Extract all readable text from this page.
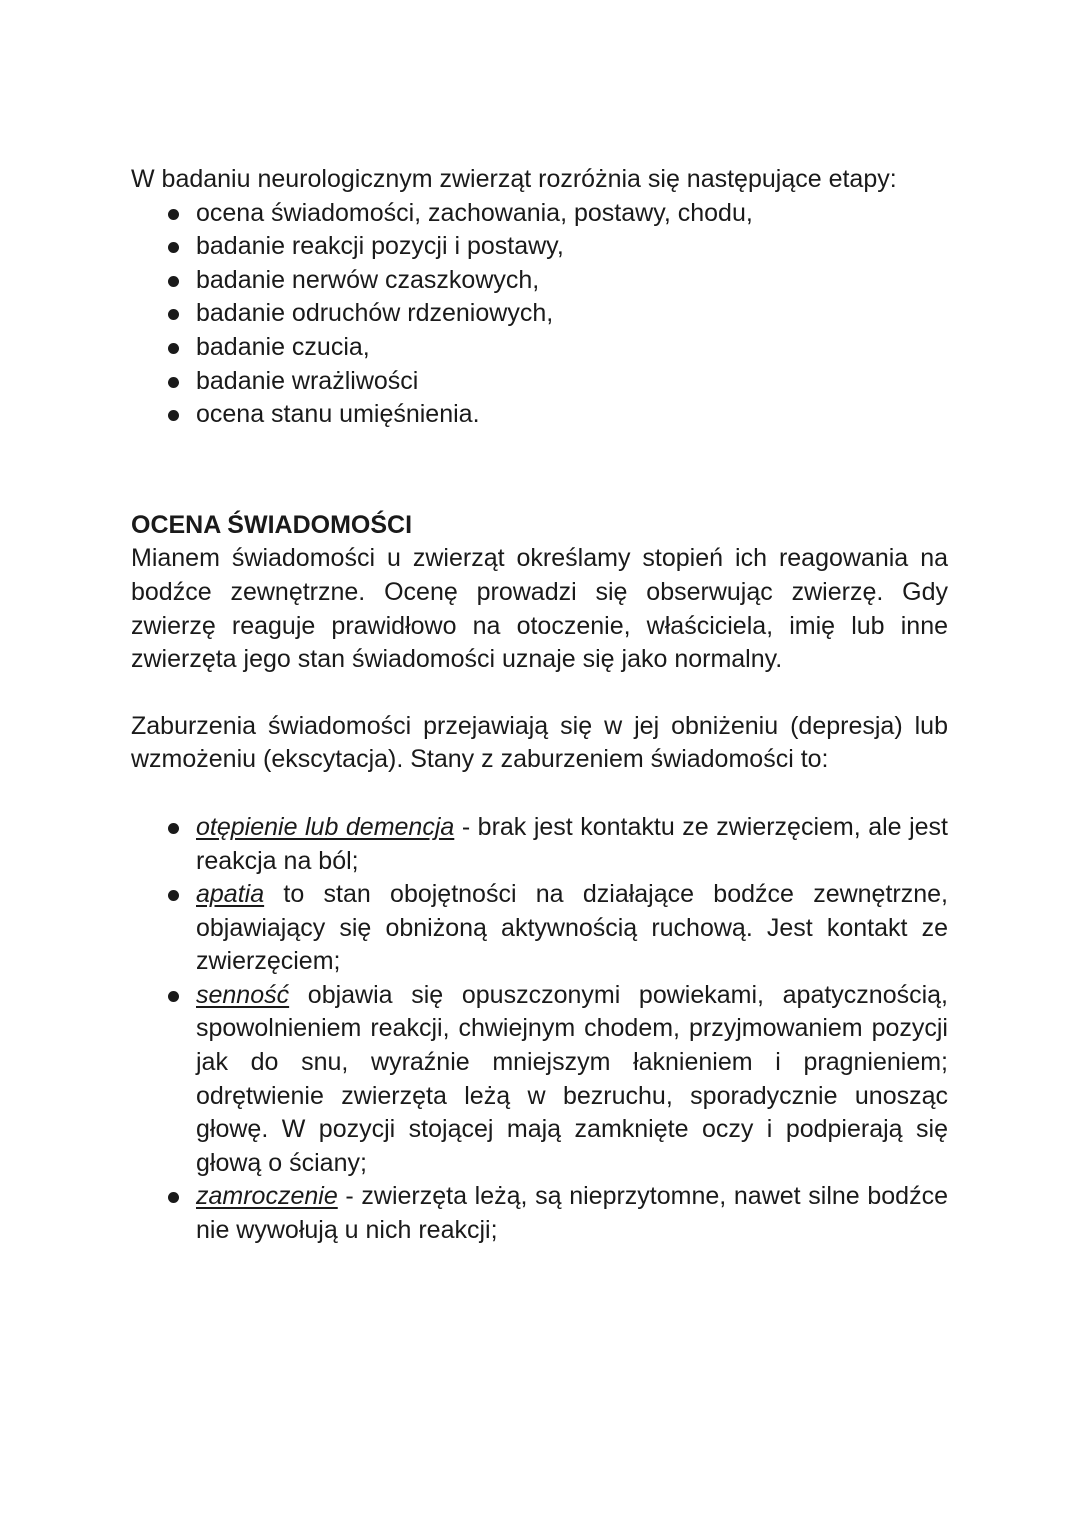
W badaniu neurologicznym zwierząt rozróżnia się następujące etapy:

ocena świadomości, zachowania, postawy, chodu,
badanie reakcji pozycji i postawy,
badanie nerwów czaszkowych,
badanie odruchów rdzeniowych,
badanie czucia,
badanie wrażliwości
ocena stanu umięśnienia.
OCENA ŚWIADOMOŚCI

Mianem świadomości u zwierząt określamy stopień ich reagowania na bodźce zewnętrzne. Ocenę prowadzi się obserwując zwierzę. Gdy zwierzę reaguje prawidłowo na otoczenie, właściciela, imię lub inne zwierzęta jego stan świadomości uznaje się jako normalny.

Zaburzenia świadomości przejawiają się w jej obniżeniu (depresja) lub wzmożeniu (ekscytacja). Stany z zaburzeniem świadomości to:

otępienie lub demencja - brak jest kontaktu ze zwierzęciem, ale jest reakcja na ból;
apatia to stan obojętności na działające bodźce zewnętrzne, objawiający się obniżoną aktywnością ruchową. Jest kontakt ze zwierzęciem;
senność objawia się opuszczonymi powiekami, apatycznością, spowolnieniem reakcji, chwiejnym chodem, przyjmowaniem pozycji jak do snu, wyraźnie mniejszym łaknieniem i pragnieniem; odrętwienie zwierzęta leżą w bezruchu, sporadycznie unosząc głowę. W pozycji stojącej mają zamknięte oczy i podpierają się głową o ściany;
zamroczenie - zwierzęta leżą, są nieprzytomne, nawet silne bodźce nie wywołują u nich reakcji;
